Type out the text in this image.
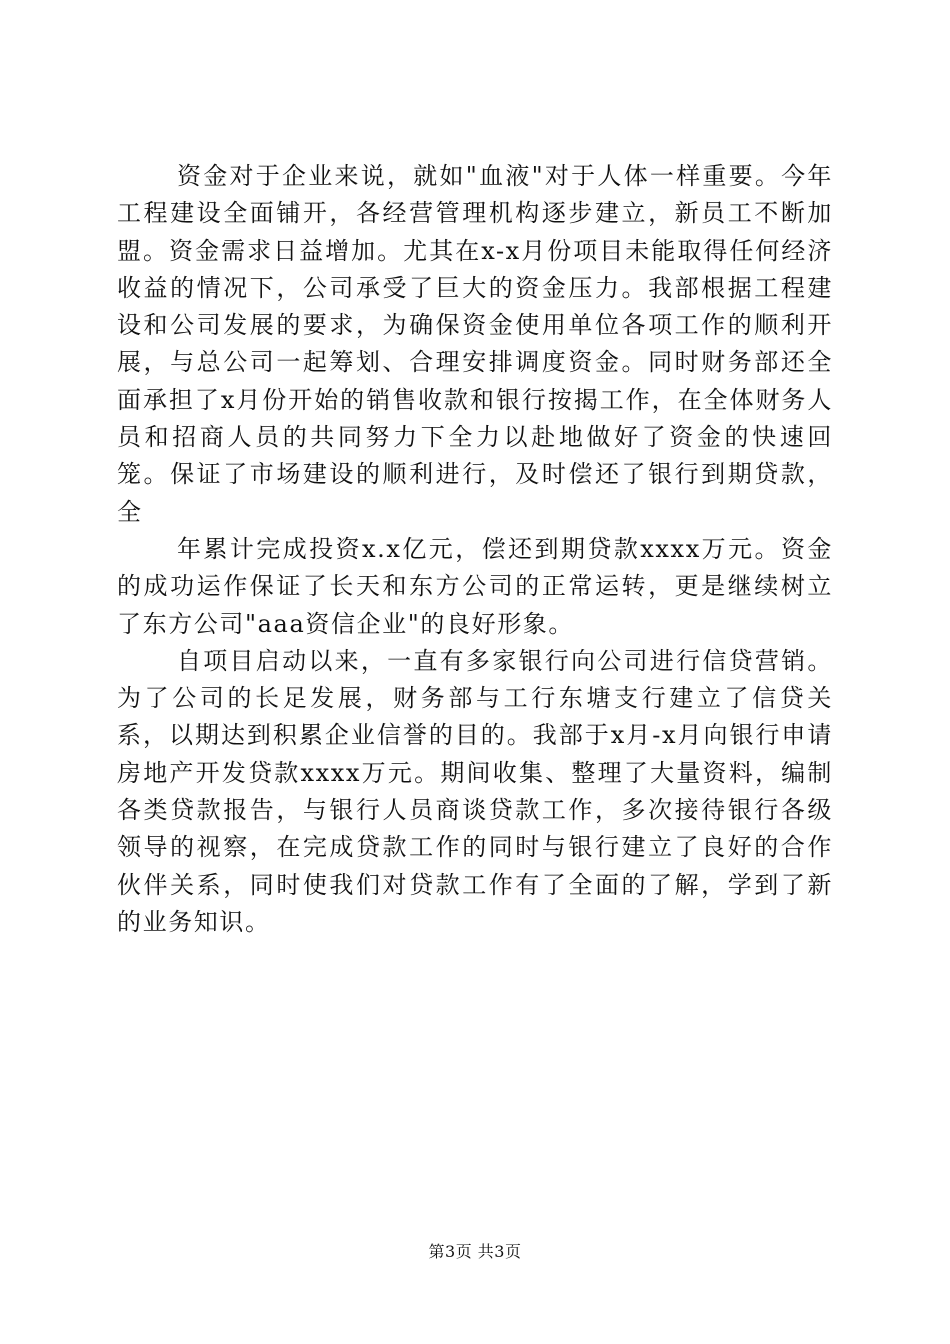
资金对于企业来说，就如"血液"对于人体一样重要。今年工程建设全面铺开，各经营管理机构逐步建立，新员工不断加盟。资金需求日益增加。尤其在x-x月份项目未能取得任何经济收益的情况下，公司承受了巨大的资金压力。我部根据工程建设和公司发展的要求，为确保资金使用单位各项工作的顺利开展，与总公司一起筹划、合理安排调度资金。同时财务部还全面承担了x月份开始的销售收款和银行按揭工作，在全体财务人员和招商人员的共同努力下全力以赴地做好了资金的快速回笼。保证了市场建设的顺利进行，及时偿还了银行到期贷款，全

年累计完成投资x.x亿元，偿还到期贷款xxxx万元。资金的成功运作保证了长天和东方公司的正常运转，更是继续树立了东方公司"aaa资信企业"的良好形象。

自项目启动以来，一直有多家银行向公司进行信贷营销。为了公司的长足发展，财务部与工行东塘支行建立了信贷关系，以期达到积累企业信誉的目的。我部于x月-x月向银行申请房地产开发贷款xxxx万元。期间收集、整理了大量资料，编制各类贷款报告，与银行人员商谈贷款工作，多次接待银行各级领导的视察，在完成贷款工作的同时与银行建立了良好的合作伙伴关系，同时使我们对贷款工作有了全面的了解，学到了新的业务知识。

第3页 共3页
